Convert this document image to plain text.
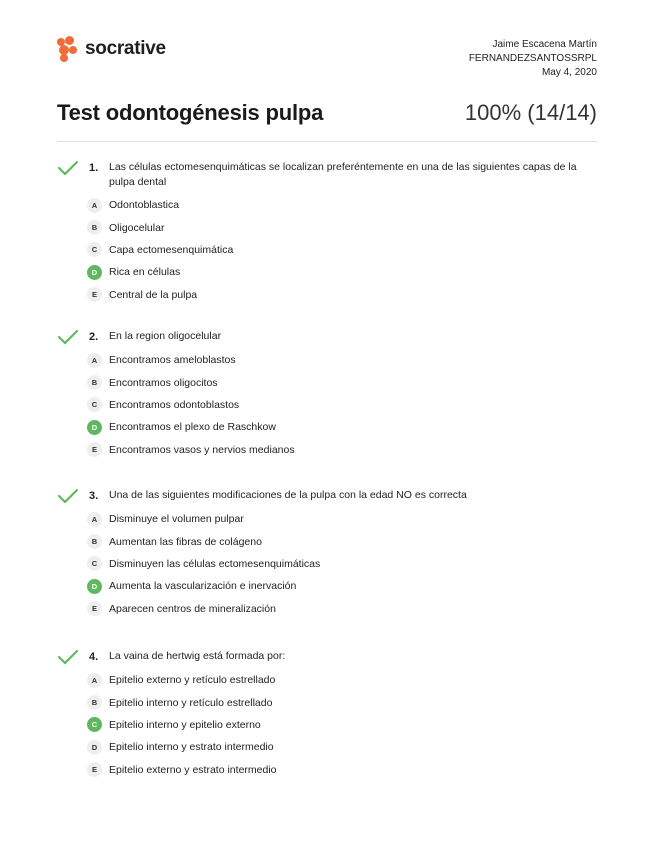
socrative	Jaime Escacena Martín
FERNANDEZSANTOSSRPL
May 4, 2020
Test odontogénesis pulpa	100% (14/14)
1.	Las células ectomesenquimáticas se localizan preferéntemente en una de las siguientes capas de la pulpa dental
A	Odontoblastica
B	Oligocelular
C	Capa ectomesenquimática
D	Rica en células
E	Central de la pulpa
2.	En la region oligocelular
A	Encontramos ameloblastos
B	Encontramos oligocitos
C	Encontramos odontoblastos
D	Encontramos el plexo de Raschkow
E	Encontramos vasos y nervios medianos
3.	Una de las siguientes modificaciones de la pulpa con la edad NO es correcta
A	Disminuye el volumen pulpar
B	Aumentan las fibras de colágeno
C	Disminuyen las células ectomesenquimáticas
D	Aumenta la vascularización e inervación
E	Aparecen centros de mineralización
4.	La vaina de hertwig está formada por:
A	Epitelio externo y retículo estrellado
B	Epitelio interno y retículo estrellado
C	Epitelio interno y epitelio externo
D	Epitelio interno y estrato intermedio
E	Epitelio externo y estrato intermedio
